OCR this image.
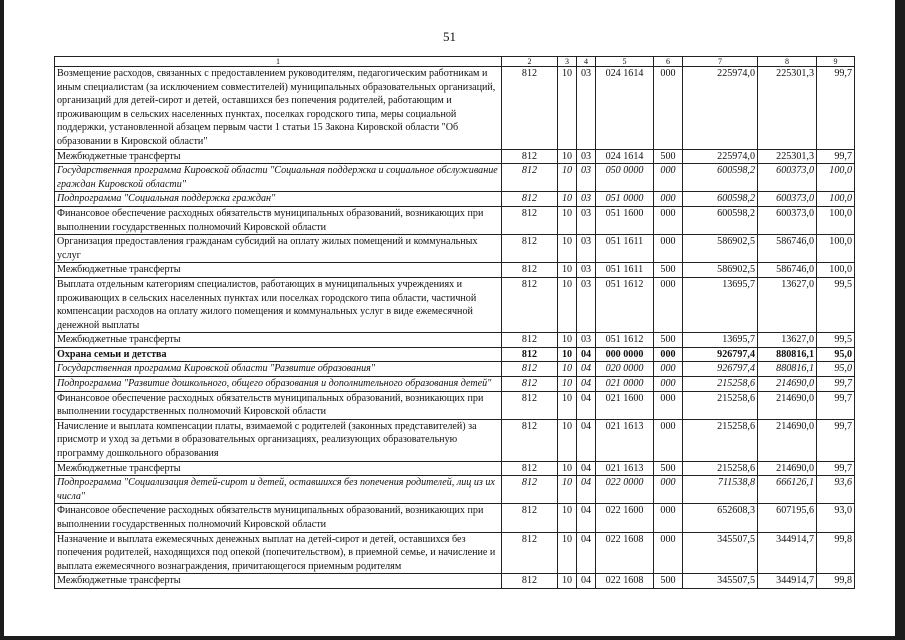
51
1	2	3	4	5	6	7	8	9
Возмещение расходов, связанных с предоставлением руководителям, педагогическим работникам и иным специалистам (за исключением совместителей) муниципальных образовательных организаций, организаций для детей-сирот и детей, оставшихся без попечения родителей, работающим и проживающим в сельских населенных пунктах, поселках городского типа, меры социальной поддержки, установленной абзацем первым части 1 статьи 15 Закона Кировской области "Об образовании в Кировской области"	812	10	03	024 1614	000	225974,0	225301,3	99,7
Межбюджетные трансферты	812	10	03	024 1614	500	225974,0	225301,3	99,7
Государственная программа Кировской области "Социальная поддержка и социальное обслуживание граждан Кировской области"	812	10	03	050 0000	000	600598,2	600373,0	100,0
Подпрограмма "Социальная поддержка граждан"	812	10	03	051 0000	000	600598,2	600373,0	100,0
Финансовое обеспечение расходных обязательств муниципальных образований, возникающих при выполнении государственных полномочий Кировской области	812	10	03	051 1600	000	600598,2	600373,0	100,0
Организация предоставления гражданам субсидий на оплату жилых помещений и коммунальных услуг	812	10	03	051 1611	000	586902,5	586746,0	100,0
Межбюджетные трансферты	812	10	03	051 1611	500	586902,5	586746,0	100,0
Выплата отдельным категориям специалистов, работающих в муниципальных учреждениях и проживающих в сельских населенных пунктах или поселках городского типа области, частичной компенсации расходов на оплату жилого помещения и коммунальных услуг в виде ежемесячной денежной выплаты	812	10	03	051 1612	000	13695,7	13627,0	99,5
Межбюджетные трансферты	812	10	03	051 1612	500	13695,7	13627,0	99,5
Охрана семьи и детства	812	10	04	000 0000	000	926797,4	880816,1	95,0
Государственная программа Кировской области "Развитие образования"	812	10	04	020 0000	000	926797,4	880816,1	95,0
Подпрограмма "Развитие дошкольного, общего образования и дополнительного образования детей"	812	10	04	021 0000	000	215258,6	214690,0	99,7
Финансовое обеспечение расходных обязательств муниципальных образований, возникающих при выполнении государственных полномочий Кировской области	812	10	04	021 1600	000	215258,6	214690,0	99,7
Начисление и выплата компенсации платы, взимаемой с родителей (законных представителей) за присмотр и уход за детьми в образовательных организациях, реализующих образовательную программу дошкольного образования	812	10	04	021 1613	000	215258,6	214690,0	99,7
Межбюджетные трансферты	812	10	04	021 1613	500	215258,6	214690,0	99,7
Подпрограмма "Социализация детей-сирот и детей, оставшихся без попечения родителей, лиц из их числа"	812	10	04	022 0000	000	711538,8	666126,1	93,6
Финансовое обеспечение расходных обязательств муниципальных образований, возникающих при выполнении государственных полномочий Кировской области	812	10	04	022 1600	000	652608,3	607195,6	93,0
Назначение и выплата ежемесячных денежных выплат на детей-сирот и детей, оставшихся без попечения родителей, находящихся под опекой (попечительством), в приемной семье, и начисление и выплата ежемесячного вознаграждения, причитающегося приемным родителям	812	10	04	022 1608	000	345507,5	344914,7	99,8
Межбюджетные трансферты	812	10	04	022 1608	500	345507,5	344914,7	99,8
